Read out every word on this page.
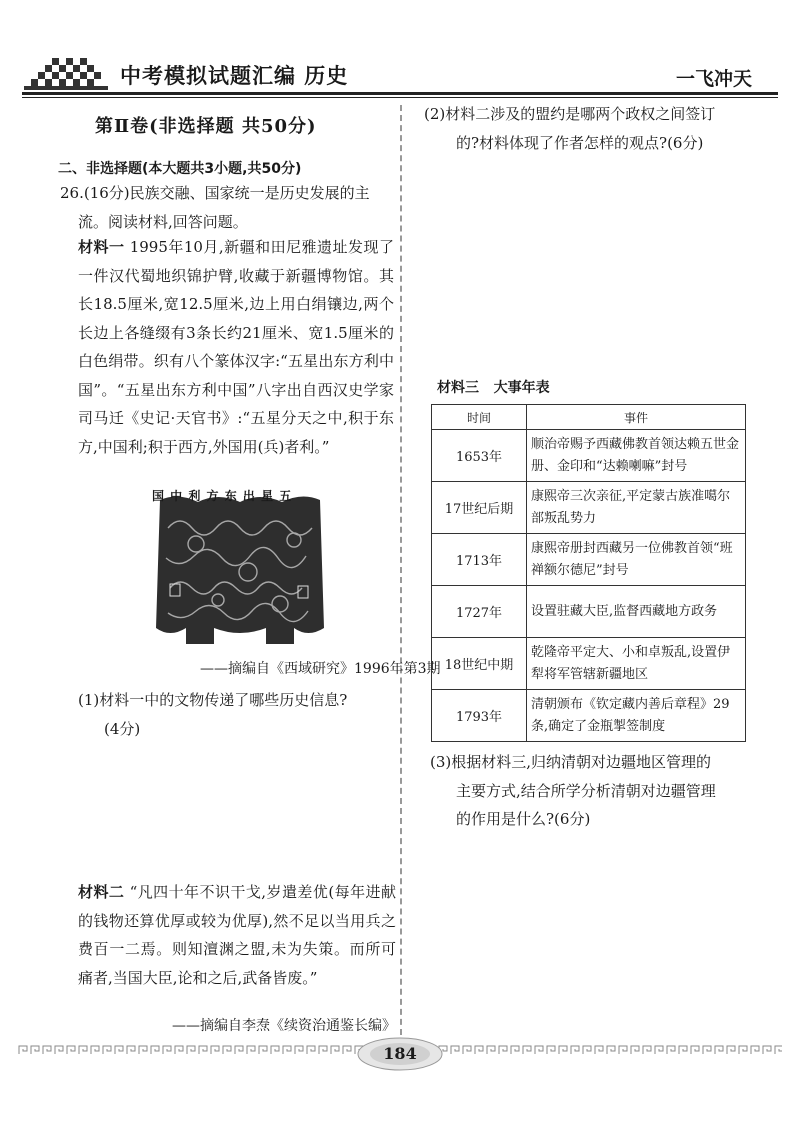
中考模拟试题汇编 历史	一飞冲天
第Ⅱ卷(非选择题 共50分)
二、非选择题(本大题共3小题,共50分)
26.(16分)民族交融、国家统一是历史发展的主
流。阅读材料,回答问题。
材料一 1995年10月,新疆和田尼雅遗址发现了一件汉代蜀地织锦护臂,收藏于新疆博物馆。其长18.5厘米,宽12.5厘米,边上用白绢镶边,两个长边上各缝缀有3条长约21厘米、宽1.5厘米的白色绢带。织有八个篆体汉字:“五星出东方利中国”。“五星出东方利中国”八字出自西汉史学家司马迁《史记·天官书》:“五星分天之中,积于东方,中国利;积于西方,外国用(兵)者利。”
国 中 利 方 东 出 星 五
——摘编自《西域研究》1996年第3期
(1)材料一中的文物传递了哪些历史信息?
(4分)
材料二 “凡四十年不识干戈,岁遣差优(每年进献的钱物还算优厚或较为优厚),然不足以当用兵之费百一二焉。则知澶渊之盟,未为失策。而所可痛者,当国大臣,论和之后,武备皆废。”
——摘编自李焘《续资治通鉴长编》
(2)材料二涉及的盟约是哪两个政权之间签订
的?材料体现了作者怎样的观点?(6分)
材料三 大事年表
时间	事件
1653年	顺治帝赐予西藏佛教首领达赖五世金册、金印和“达赖喇嘛”封号
17世纪后期	康熙帝三次亲征,平定蒙古族准噶尔部叛乱势力
1713年	康熙帝册封西藏另一位佛教首领“班禅额尔德尼”封号
1727年	设置驻藏大臣,监督西藏地方政务
18世纪中期	乾隆帝平定大、小和卓叛乱,设置伊犁将军管辖新疆地区
1793年	清朝颁布《钦定藏内善后章程》29条,确定了金瓶掣签制度
(3)根据材料三,归纳清朝对边疆地区管理的
主要方式,结合所学分析清朝对边疆管理
的作用是什么?(6分)
184
